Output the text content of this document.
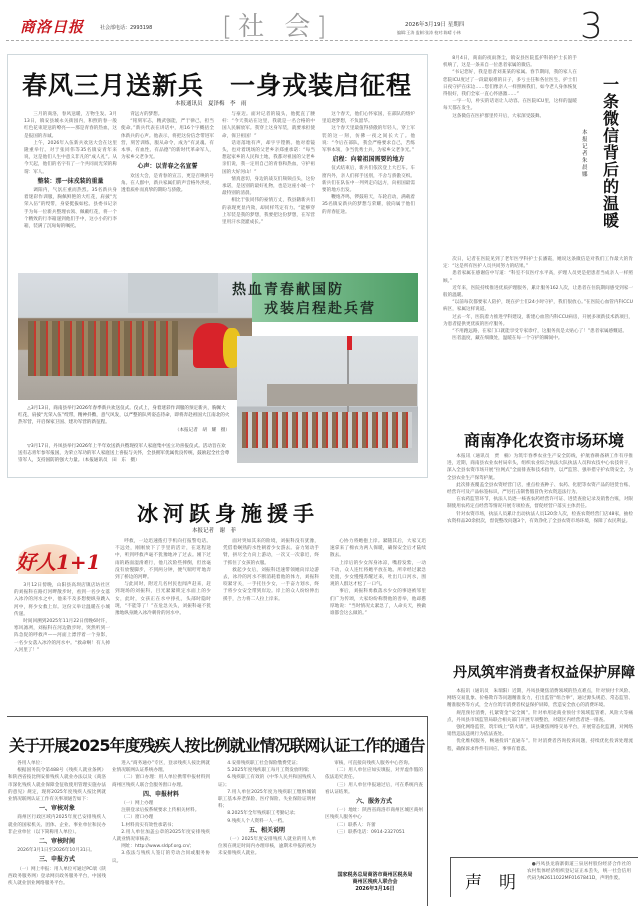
商洛日报	社会部电话：2993198	[社 会]	2026年3月19日 星期四
编辑:王涛 监制:张涛 校对:陈晴 小林	3
春风三月送新兵　一身戎装启征程
本报通讯员　夏泽梅　李　雨
热血青春献国防
戎装启程赴兵营
△3月13日，商南县举行2026年春季新兵欢送仪式。仪式上，身着迷彩作训服的预定新兵，胸佩大红花，肩披“光荣入伍”绶带，精神抖擞，意气风发，以严整的队列姿态待命，即将奔赴祖国大江南北的火热军营，开启保家卫国、建功军营的新征程。
（本报记者　胡　耀　摄）
▽3月17日，丹凤县举行2026年上半年欢送新兵暨现役军人家庭集中送立功喜报仪式。活动旨在欢送有志青年参军报国，为荣立军功的军人家庭送上喜报与关怀，全县拥军优属优良传统，鼓励起全社会尊崇军人，支持国防的强大力量。（本报通讯员　田　东　摄）
冰河跃身施援手
本报记者　谢　菲
好人1+1
关于开展2025年度残疾人按比例就业情况联网认证工作的通告
国家税务总局商洛市商州区税务局
商州区残疾人联合会
2026年3月16日

8月4日，商南的夜雨涤尘，镇安县医院监护科的护士长的手机响了，这是一条来自一位患者家属的微信。

“书记您好，我是患者刘某某的家属。春节期间，我的家人在您院ICU度过了一段最艰难的日子，多亏主任和各位医生、护士们日夜守护在床边……您们像亲人一样照顾我们，如今老人身体恢复得很好，我们全家一直心怀感激……”

一字一句，朴实的话语让人动容。在医院ICU里，这样的温暖每天都在发生。

这条微信在医护群里传开后，大家深受鼓舞。

一条微信背后的温暖
本报记者　朱晨娜

次日，记者在医院见到了老年医学科护士长潘霞，她说这条微信是对我们工作最大的肯定：“这是所有医护人员共同努力的结果。”

患者家属在感谢信中写道：“科室不仅医疗水平高，护理人员更是把患者当成亲人一样照顾。”

近年来，医院持续推进优质护理服务，累计服务162人次，让患者在住院期间感受到家一般的温暖。

“以前每次都要家人陪护，现在护士们24小时守护，我们很放心。”在医院心血管内科CCU病区，家属这样说道。

过去一年，医院着力推进学科建设，新建心血管内科CCU病房，开展多项新技术新项目，为患者提供更优质的医疗服务。

“不用跑远路，在家门口就能享受专家诊疗，这服务真是太贴心了！”患者家属感慨道。

医者温度，藏在细微处，温暖在每一个守护的瞬间中。

商南净化农资市场环境

本报讯（通讯员　贾　楠）为筑牢春季农业生产安全防线，护航春耕备耕工作有序推进，近期，商南县农业农村局牵头，组织农业综合执法大队执法人员和农技中心农技骨干，深入全县农资市场开展“拉网式”全面排查和技术指导，以严监管、强举措守护农资安全，为全县农业生产保驾护航。

此次排查覆盖全县农资经营门店，重点检查种子、农药、化肥等农资产品的进货台账、经营许可及产品标签标识，严厉打击制售假冒伪劣农资违法行为。

在农药监管环节，执法人员逐一核查农药经营许可证、进货查验记录及销售台账，对限制使用农药定点经营等情况开展专项检查，督促经营户落实主体责任。

针对农资市场，执法人员累计出动执法人员120余人次，检查农资经营门店48家，抽检农资样品20余批次，督促整改问题3个，有效净化了全县农资市场环境，保障了农民利益。

丹凤筑牢消费者权益保护屏障

本报讯（通讯员　朱瑞阳）近期，丹凤县聚焦消费领域的热点难点，针对预付卡风险、网络交易乱象、价格欺诈等问题精准发力，打出监管“组合拳”，通过源头规范、常态监管、精准服务等方式，全方位筑牢消费者权益保护屏障，营造安全放心的消费环境。

规范预付消费，扎紧资金“安全阀”。针对单用途商业预付卡领域监管难、风险大等痛点，丹凤县市场监管局联合相关部门开展专项整治，对辖区内经营者逐一排查。

强化网络监管，筑牢线上“防火墙”。该县聚焦网络交易平台，开展常态化监测，对网络销售违法违规行为依法查处。

优化维权服务，畅通投诉“直通车”。针对消费者咨询投诉问题，持续优化投诉处理流程，确保诉求件件有回应、事事有着落。

声　明
●丹凤县龙驹寨街道三泉居村股份经济合作社的农村集体经济组织登记证正本丢失，统一社会信用代码为N2611022MF0167841D，声明作废。

三月的商洛，春风送暖，万物生发。3月13日，镇安县城永关街园内，和煦的春一般红色花束迎送的嘹亮——那是青春的热血，这是报国的赤诚。

上午，2026年入伍新兵欢送大会在这里隆重举行。对于张同伟等35名镇安青年来说，这是他们人生中意义非凡的“成人礼”。从今天起，他们的名字有了一个共同而光荣的称谓：军人。

整装：那一抹戎装的重量

调阳内，气氛庄重而热烈。35名新兵身着迷彩作训服，胸佩鲜艳的大红花，肩披“光荣入伍”的绶带，身姿挺拔如松。县委书记亲手为每一位新兵整理衣领、佩戴红花，将一个个精致的行李箱递到他们手中，这小小的行李箱，装满了沉甸甸的嘱托。

背远方的梦想。

“铭刻军志，精武强能，严于律己，担当使命。”新兵代表在讲话中，用16个字概括全体新兵的心声。他表示，将把这份信念带进军营，刻苦训练，服从命令，成为“有灵魂、有本事、有血性、有品德”的新时代革命军人，为家乡父老争光。

心声：以青春之名宣誓

欢送大会，是青春的宣言，更是召唤的号角。在人群中，新兵家属们的声音格外洪亮，透着质朴而真挚的期盼与骄傲。

与豪迈。面对记者的镜头，他挺直了腰杆：“今天我站在这里，我就是一名合格的中国人民解放军。我穿上这身军装，就要承担使命，保卫祖国！”

话语落地有声，却字字铿锵。他对着镜头，也对着现场的父老乡亲郑重承诺：“每当想起家乡的人民和土地，我都对祖国的父老乡亲们说，我一定用自己的青春和热血，守护祖国的大好河山！”

情真意切，身边的战友们频频点头，这份承诺，是送别的最好礼物，也是这座小城一个最特别的清晨。

相比于张同伟的豪情万丈，我县籍新兵们的表现更显内敛，却同样笃定有力。“能够穿上军装是我的梦想，我要把这份梦想，在军营里用汗水浇灌成长。”

这个春天，他们心怀家国，在部队的熔炉里追逐梦想，不负韶华。

这个春天里最值得骄傲的年轻人，穿上军装的这一刻，仿佛一夜之间长大了。他说：“今后在部队，我会严格要求自己，苦练军事本领，争当优秀士兵，为家乡父老争光。”

启程：向着祖国需要的地方

仪式结束后，新兵们依次登上大巴车。车窗内外，亲人们挥手送别，不舍与骄傲交织。新兵们在队伍中一列列走向远方，向祖国最需要的地方出发。

鞭炮齐鸣，锣鼓喧天，车轮启动，满载着35名镇安新兵的梦想与荣耀，驶向属于他们的青春征途。

3月12日傍晚，山阳县高坝店镇店坊社区的刘振科在路灯河畔散步时，看到一名少女落入冰冷的河水之中，他来不及多想便纵身跳入河中，将少女救上岸。这份义举让温暖在小城传递。

时间回溯到2025年11月22日傍晚6时许，寒风凛冽，刘振科在河边散步时，突然听到一阵急促的呼救声——河面上漂浮着一个身影，一名少女落入冰冷的河水中。“救命啊！有人掉入河里了！”

呼救，一边迅速拨打手机向打报警电话。不远处，刚刚放下了手里的活计，在返程途中，听到呼救声毫不犹豫地冲了过去。刚下过雨的路面湿滑难行，他几次险些摔倒，但丝毫没有放慢脚步，不到两分钟，便气喘吁吁地奔到了桥边的河畔。

与此同时，附近几名村民也闻声赶来，赶到现场的刘振科，目光紧紧锁定水面上的少女，此时，女孩正在水中挣扎，头部时隐时现，“不能等了！”在危急关头，刘振科毫不犹豫地纵身跳入冰冷刺骨的河水中。

面对突如其来的险境，刘振科没有犹豫，凭借着娴熟的水性朝着少女游去。奋力划动手臂，拼尽全力向上游动，一次又一次靠近，终于抓住了女孩的衣服。

救起少女后，刘振科迅速带领她向岸边游去，冰冷的河水不断消耗着他的体力，刘振科咬紧牙关，一手托住少女，一手奋力划水，终于将少女安全带到岸边。岸上的众人纷纷伸出援手，合力将二人拉上岸来。

心协力将她抱上岸。紧随其后，大家又迅速拿来了棉衣为两人保暖，确保安全后才陆续散去。

上岸后的少女浑身冰凉，嘴唇发紫，一动不动，众人连忙将她平放在地。所幸经过紧急处置，少女慢慢苏醒过来，吐出几口河水，围观的人群这才松了一口气。

事后，刘振科勇救落水少女的事迹被邻里们广为传颂，大家纷纷称赞他的善举，他却憨厚地说：“当时情况太紧急了，人命关天，换做谁都会这么做的。”

各用人单位：

根据国务院令第488号《残疾人就业条例》和陕西省按比例安排残疾人就业办法以及《商洛市深化残疾人就业保障金征收使用管理实施办法的意见》规定，现将2025年度残疾人按比例就业情况联网认证工作有关事项通告如下：

一、审核对象

商州区行政区域内2025年度已安排残疾人就业的国家机关、团体、企业、事业单位和民办非企业单位（以下简称用人单位）。

二、审核时间

2026年3月1日至2026年10月31日。

三、申报方式

（一）网上申报：用人单位可通过PC端（陕西政务服务网）登录网页政务服务平台，中国残疾人就业创业网络服务平台。

进入“商务通办”专区，登录残疾人按比例就业情况联网认证系统办理。

（二）窗口办理：用人单位携带申报材料到商州区残疾人联合会服务窗口办理。

四、申报材料

（一）网上办理

注册登录后按系统要求上传相关材料。

（二）窗口办理

1.材料真实有效性承诺书；

2.用人单位加盖公章的2025年度安排残疾人就业情况审核表；

网址：http://www.sldpf.org.cn/；

3.依法与残疾人签订的劳动合同或服务协议。

4.安排残疾职工社会保险缴费凭证；

5.2025年度残疾职工每月工资发放明细；

6.残疾职工有效的《中华人民共和国残疾人证》；

7.用人单位2025年度为残疾职工缴纳城镇职工基本养老保险、医疗保险、失业保险证明材料；

8.2025年全年残疾职工考勤记录；

9.残疾人个人资料一人一档。

五、相关说明

（一）2025年度安排残疾人就业的用人单位须在规定时间内办理审核，逾期未申报的视为未安排残疾人就业。

审核，可直接向残疾人服务中心咨询。

（二）用人单位应如实填报，对弄虚作假的依法追究责任。

（三）用人单位申报通过后，可在系统内查看认证结果。

六、服务方式

（一）地址：陕西省商洛市商州区城区商州区残疾人服务中心

（二）联系人：许蕾

（三）联系电话：0914-2327051
